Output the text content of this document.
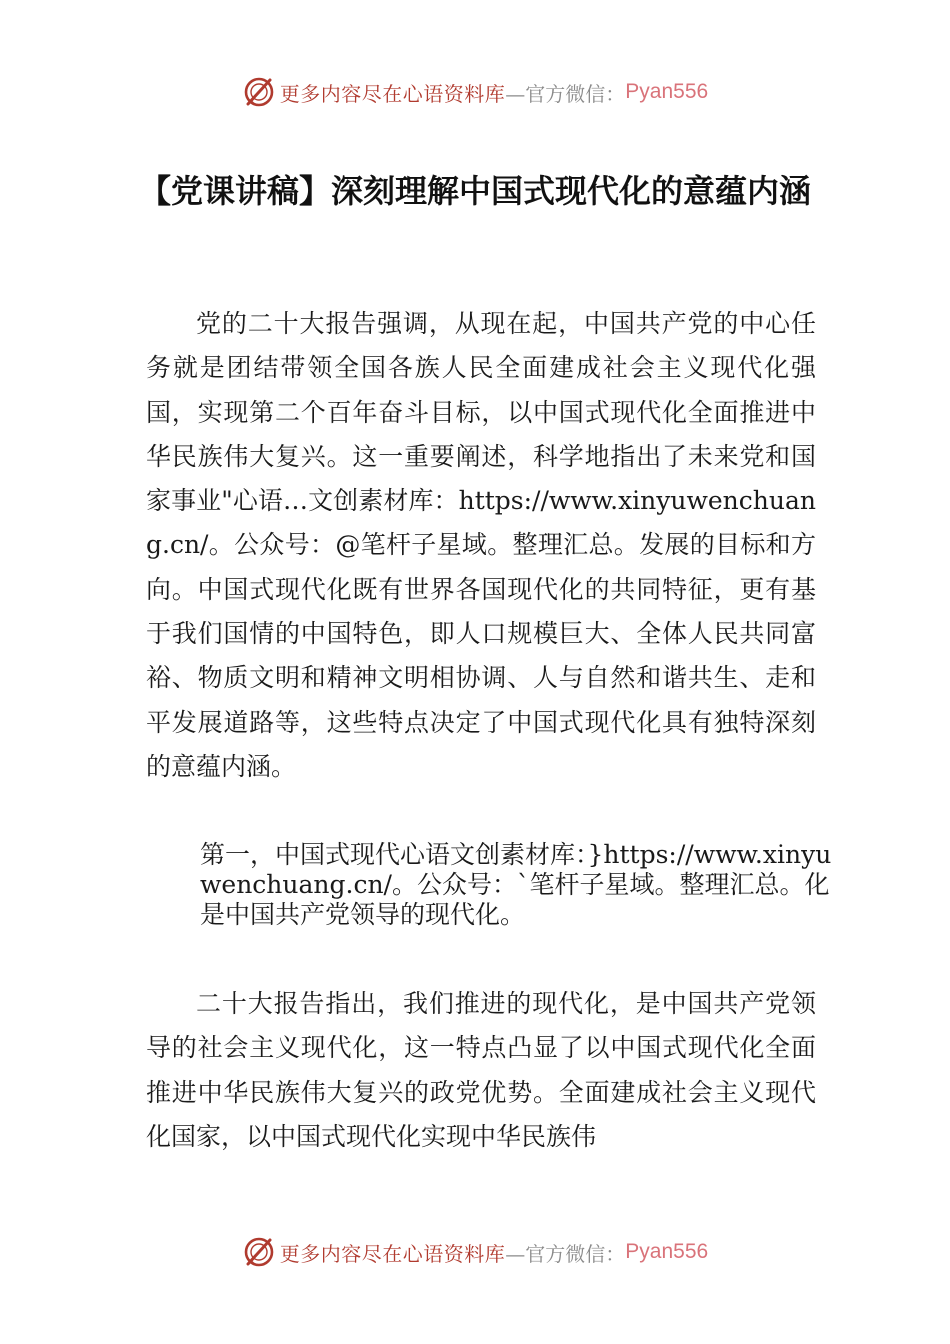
更多内容尽在心语资料库 —官方微信： Pyan556
【党课讲稿】深刻理解中国式现代化的意蕴内涵

党的二十大报告强调，从现在起，中国共产党的中心任务就是团结带领全国各族人民全面建成社会主义现代化强国，实现第二个百年奋斗目标，以中国式现代化全面推进中华民族伟大复兴。这一重要阐述，科学地指出了未来党和国家事业"心语…文创素材库：https://www.xinyuwenchuang.cn/。公众号：@笔杆子星域。整理汇总。发展的目标和方向。中国式现代化既有世界各国现代化的共同特征，更有基于我们国情的中国特色，即人口规模巨大、全体人民共同富裕、物质文明和精神文明相协调、人与自然和谐共生、走和平发展道路等，这些特点决定了中国式现代化具有独特深刻的意蕴内涵。

第一，中国式现代心语文创素材库：}https://www.xinyuwenchuang.cn/。公众号：`笔杆子星域。整理汇总。化是中国共产党领导的现代化。

二十大报告指出，我们推进的现代化，是中国共产党领导的社会主义现代化，这一特点凸显了以中国式现代化全面推进中华民族伟大复兴的政党优势。全面建成社会主义现代化国家，以中国式现代化实现中华民族伟

更多内容尽在心语资料库 —官方微信： Pyan556
